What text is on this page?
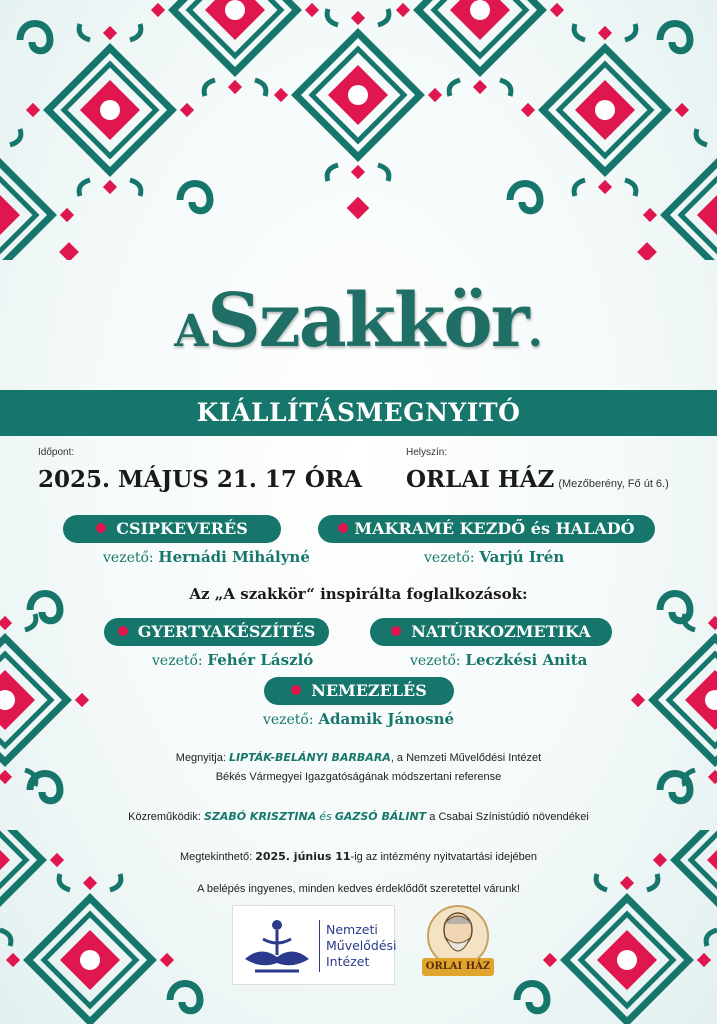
ASzakkör.
KIÁLLÍTÁSMEGNYITÓ
Időpont:
2025. MÁJUS 21. 17 ÓRA
Helyszín:
ORLAI HÁZ (Mezőberény, Fő út 6.)
CSIPKEVERÉS
vezető: Hernádi Mihályné
MAKRAMÉ KEZDŐ és HALADÓ
vezető: Varjú Irén
Az „A szakkör“ inspirálta foglalkozások:
GYERTYAKÉSZÍTÉS
vezető: Fehér László
NATÚRKOZMETIKA
vezető: Leczkési Anita
NEMEZELÉS
vezető: Adamik Jánosné
Megnyitja: LIPTÁK-BELÁNYI BARBARA, a Nemzeti Művelődési Intézet
Békés Vármegyei Igazgatóságának módszertani referense
Közreműködik: SZABÓ KRISZTINA és GAZSÓ BÁLINT a Csabai Színistúdió növendékei
Megtekinthető: 2025. június 11-ig az intézmény nyitvatartási idejében
A belépés ingyenes, minden kedves érdeklődőt szeretettel várunk!
Nemzeti
Művelődési
Intézet	ORLAI HÁZ
